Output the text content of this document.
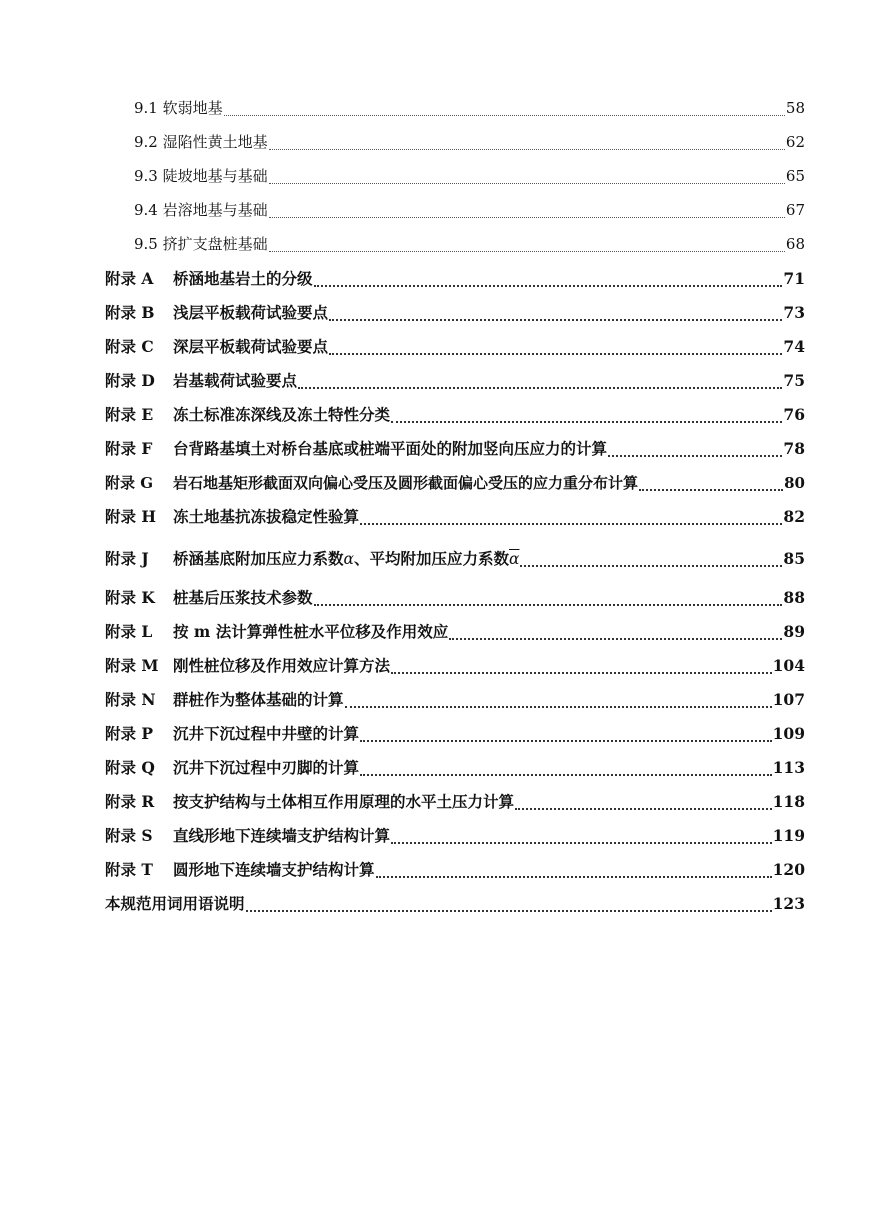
9.1 软弱地基	58
9.2 湿陷性黄土地基	62
9.3 陡坡地基与基础	65
9.4 岩溶地基与基础	67
9.5 挤扩支盘桩基础	68
附录 A	桥涵地基岩土的分级	71
附录 B	浅层平板载荷试验要点	73
附录 C	深层平板载荷试验要点	74
附录 D	岩基载荷试验要点	75
附录 E	冻土标准冻深线及冻土特性分类	76
附录 F	台背路基填土对桥台基底或桩端平面处的附加竖向压应力的计算	78
附录 G	岩石地基矩形截面双向偏心受压及圆形截面偏心受压的应力重分布计算	80
附录 H	冻土地基抗冻拔稳定性验算	82
附录 J	桥涵基底附加压应力系数α、平均附加压应力系数$\overline{\alpha}$	85
附录 K	桩基后压浆技术参数	88
附录 L	按 m 法计算弹性桩水平位移及作用效应	89
附录 M 刚性桩位移及作用效应计算方法	104
附录 N	群桩作为整体基础的计算	107
附录 P	沉井下沉过程中井壁的计算	109
附录 Q	沉井下沉过程中刃脚的计算	113
附录 R	按支护结构与土体相互作用原理的水平土压力计算	118
附录 S	直线形地下连续墙支护结构计算	119
附录 T	圆形地下连续墙支护结构计算	120
本规范用词用语说明	123
